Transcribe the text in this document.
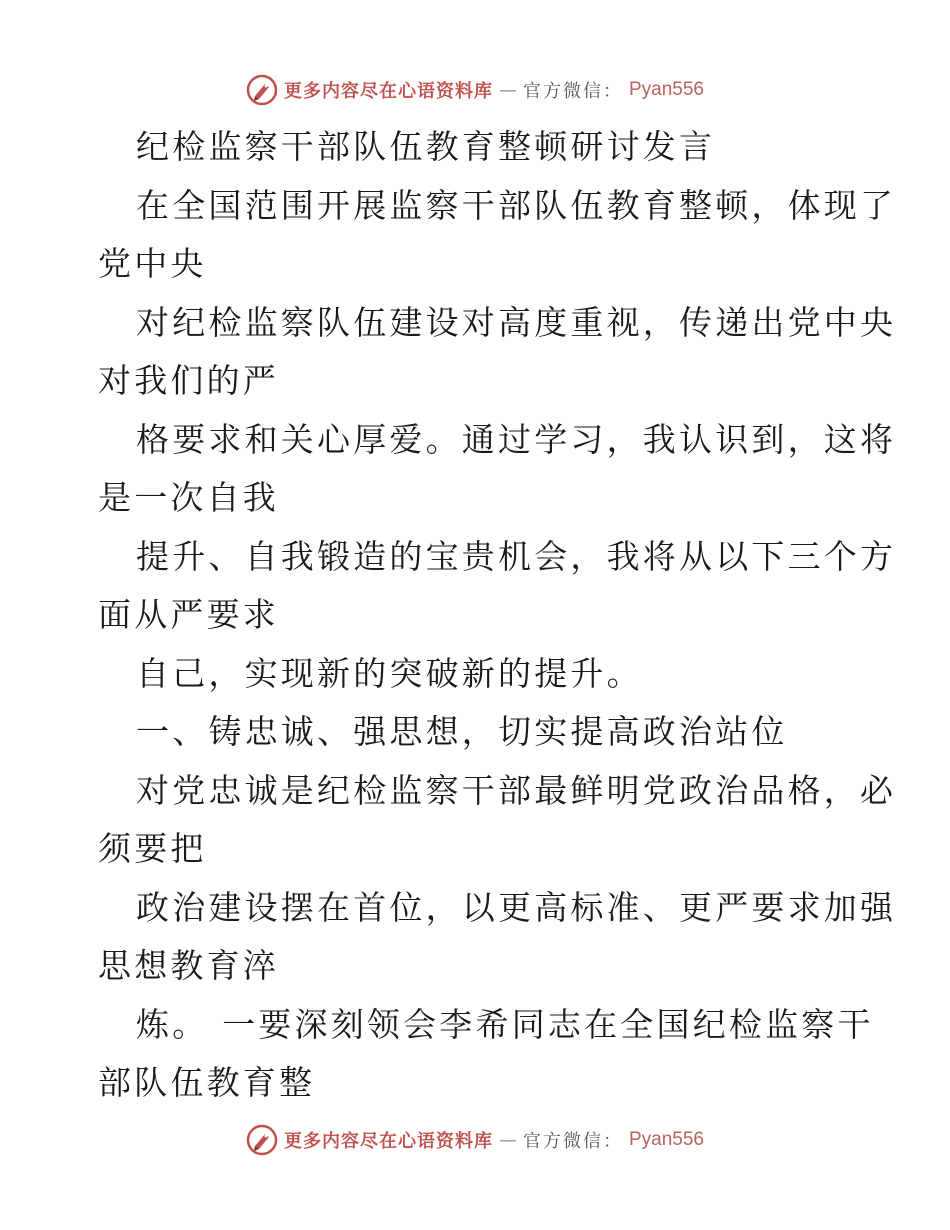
更多内容尽在心语资料库 — 官方微信： Pyan556
纪检监察干部队伍教育整顿研讨发言
在全国范围开展监察干部队伍教育整顿，体现了
党中央
对纪检监察队伍建设对高度重视，传递出党中央
对我们的严
格要求和关心厚爱。通过学习，我认识到，这将
是一次自我
提升、自我锻造的宝贵机会，我将从以下三个方
面从严要求
自己，实现新的突破新的提升。
一、铸忠诚、强思想，切实提高政治站位
对党忠诚是纪检监察干部最鲜明党政治品格，必
须要把
政治建设摆在首位，以更高标准、更严要求加强
思想教育淬
炼。 一要深刻领会李希同志在全国纪检监察干
部队伍教育整
更多内容尽在心语资料库 — 官方微信： Pyan556
